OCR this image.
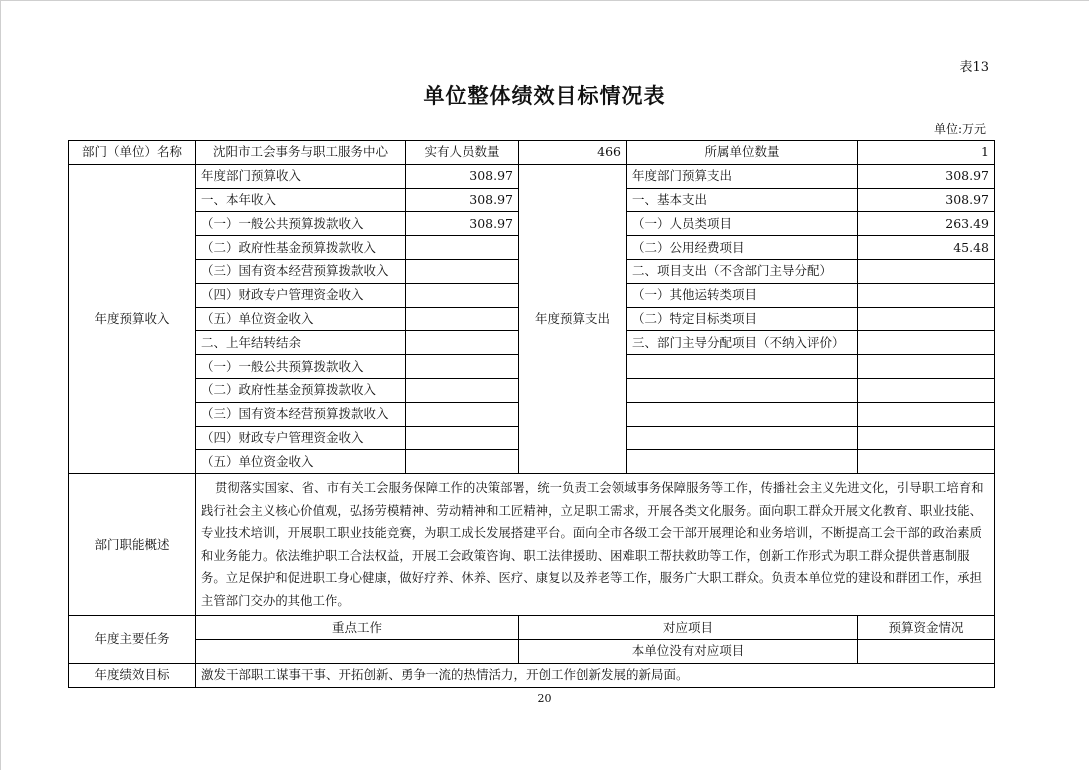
表13
单位整体绩效目标情况表
单位:万元
部门（单位）名称	沈阳市工会事务与职工服务中心	实有人员数量	466	所属单位数量	1	
年度预算收入	年度部门预算收入	308.97	年度预算支出	年度部门预算支出	308.97	
	一、本年收入	308.97		一、基本支出	308.97	
	（一）一般公共预算拨款收入	308.97		（一）人员类项目	263.49	
	（二）政府性基金预算拨款收入			（二）公用经费项目	45.48	
	（三）国有资本经营预算拨款收入			二、项目支出（不含部门主导分配）		
	（四）财政专户管理资金收入			（一）其他运转类项目		
	（五）单位资金收入			（二）特定目标类项目		
	二、上年结转结余			三、部门主导分配项目（不纳入评价）		
	（一）一般公共预算拨款收入					
	（二）政府性基金预算拨款收入					
	（三）国有资本经营预算拨款收入					
	（四）财政专户管理资金收入					
	（五）单位资金收入					
部门职能概述	贯彻落实国家、省、市有关工会服务保障工作的决策部署，统一负责工会领域事务保障服务等工作，传播社会主义先进文化，引导职工培育和践行社会主义核心价值观，弘扬劳模精神、劳动精神和工匠精神，立足职工需求，开展各类文化服务。面向职工群众开展文化教育、职业技能、专业技术培训，开展职工职业技能竞赛，为职工成长发展搭建平台。面向全市各级工会干部开展理论和业务培训，不断提高工会干部的政治素质和业务能力。依法维护职工合法权益，开展工会政策咨询、职工法律援助、困难职工帮扶救助等工作，创新工作形式为职工群众提供普惠制服务。立足保护和促进职工身心健康，做好疗养、休养、医疗、康复以及养老等工作，服务广大职工群众。负责本单位党的建设和群团工作，承担主管部门交办的其他工作。					
年度主要任务	重点工作		对应项目		预算资金情况	
			本单位没有对应项目			
年度绩效目标	激发干部职工谋事干事、开拓创新、勇争一流的热情活力，开创工作创新发展的新局面。					
20
